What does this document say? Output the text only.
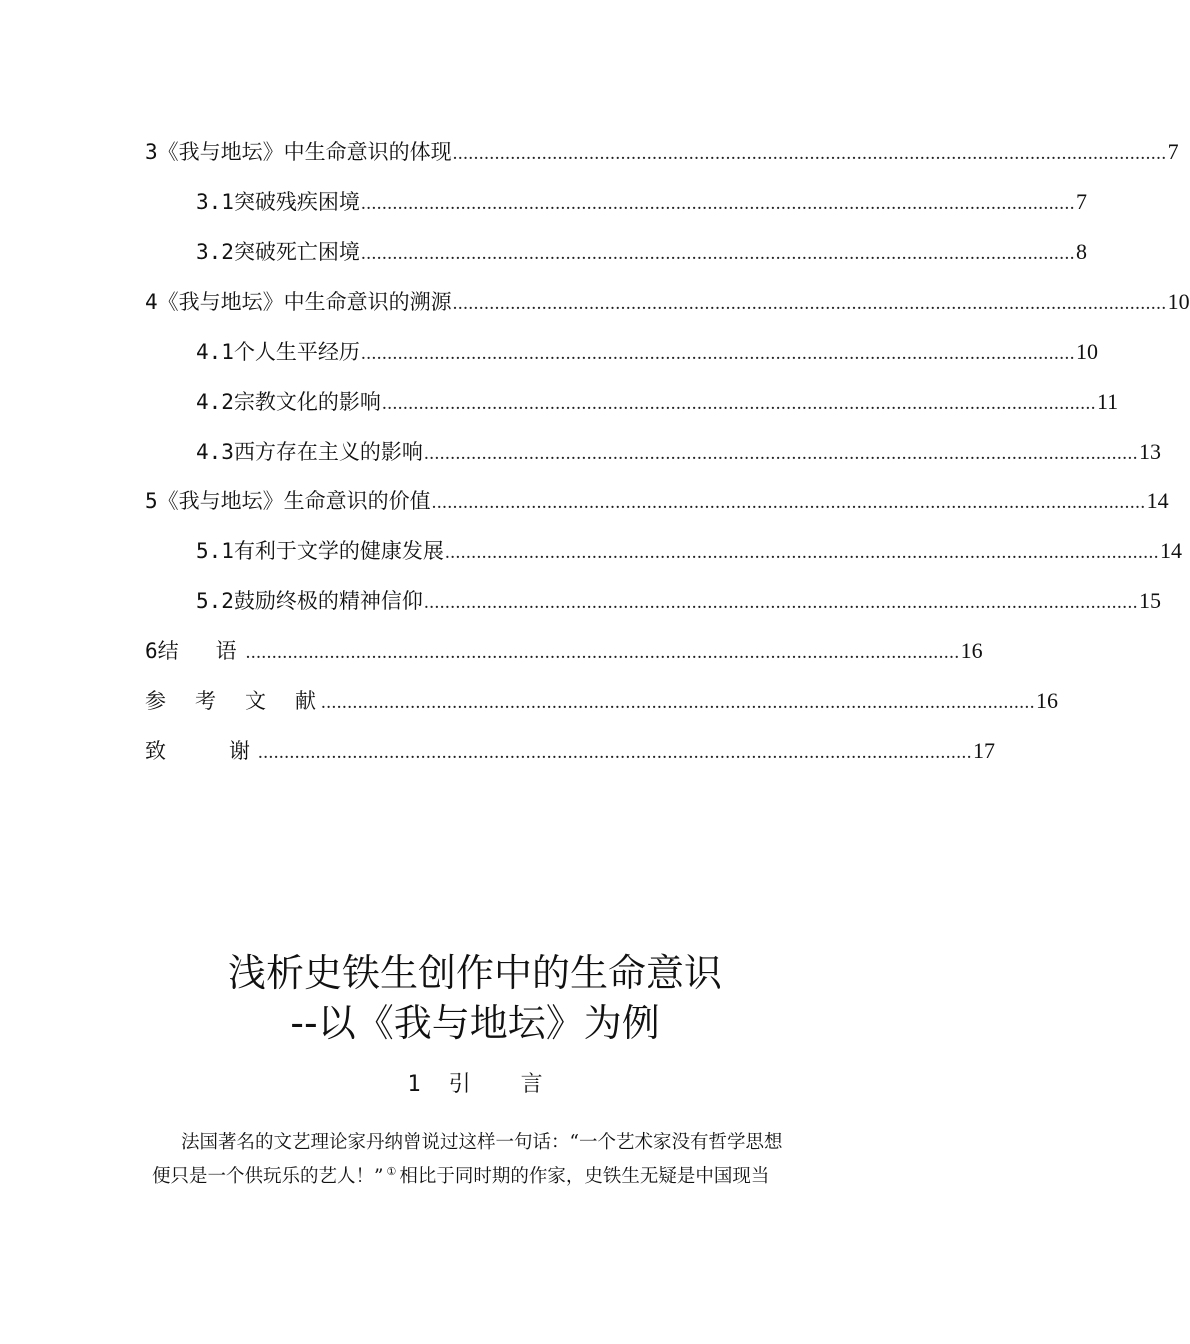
3 《我与地坛》中生命意识的体现 ........................................................................................................................................ 7
3.1 突破残疾困境 ........................................................................................................................................ 7
3.2 突破死亡困境 ........................................................................................................................................ 8
4 《我与地坛》中生命意识的溯源 ........................................................................................................................................ 10
4.1 个人生平经历 ........................................................................................................................................ 10
4.2 宗教文化的影响 ........................................................................................................................................ 11
4.3 西方存在主义的影响 ........................................................................................................................................ 13
5 《我与地坛》生命意识的价值 ........................................................................................................................................ 14
5.1 有利于文学的健康发展 ........................................................................................................................................ 14
5.2 鼓励终极的精神信仰 ........................................................................................................................................ 15
6 结　语 ........................................................................................................................................ 16
参　考　文　献 ........................................................................................................................................ 16
致　　谢 ........................................................................................................................................ 17
浅析史铁生创作中的生命意识
--以《我与地坛》为例
1 引言
法国著名的文艺理论家丹纳曾说过这样一句话：“一个艺术家没有哲学思想
便只是一个供玩乐的艺人！” ① 相比于同时期的作家，史铁生无疑是中国现当
